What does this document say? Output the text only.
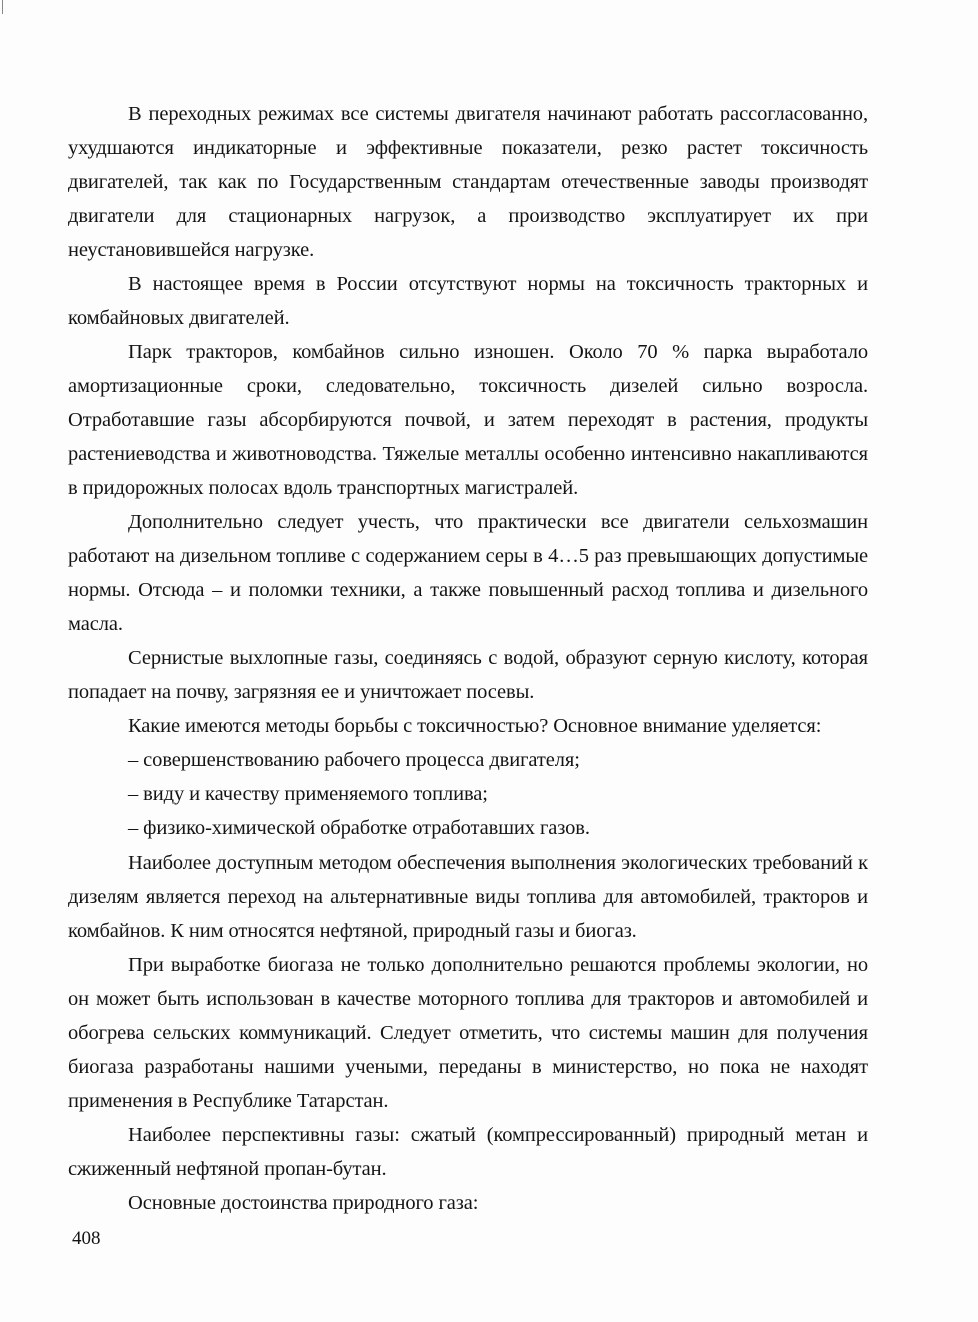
В переходных режимах все системы двигателя начинают работать рассогласованно, ухудшаются индикаторные и эффективные показатели, резко растет токсичность двигателей, так как по Государственным стандартам отечественные заводы производят двигатели для стационарных нагрузок, а производство эксплуатирует их при неустановившейся нагрузке.

В настоящее время в России отсутствуют нормы на токсичность тракторных и комбайновых двигателей.

Парк тракторов, комбайнов сильно изношен. Около 70 % парка выработало амортизационные сроки, следовательно, токсичность дизелей сильно возросла. Отработавшие газы абсорбируются почвой, и затем переходят в растения, продукты растениеводства и животноводства. Тяжелые металлы особенно интенсивно накапливаются в придорожных полосах вдоль транспортных магистралей.

Дополнительно следует учесть, что практически все двигатели сельхозмашин работают на дизельном топливе с содержанием серы в 4…5 раз превышающих допустимые нормы. Отсюда – и поломки техники, а также повышенный расход топлива и дизельного масла.

Сернистые выхлопные газы, соединяясь с водой, образуют серную кислоту, которая попадает на почву, загрязняя ее и уничтожает посевы.

Какие имеются методы борьбы с токсичностью? Основное внимание уделяется:

– совершенствованию рабочего процесса двигателя;

– виду и качеству применяемого топлива;

– физико-химической обработке отработавших газов.

Наиболее доступным методом обеспечения выполнения экологических требований к дизелям является переход на альтернативные виды топлива для автомобилей, тракторов и комбайнов. К ним относятся нефтяной, природный газы и биогаз.

При выработке биогаза не только дополнительно решаются проблемы экологии, но он может быть использован в качестве моторного топлива для тракторов и автомобилей и обогрева сельских коммуникаций. Следует отметить, что системы машин для получения биогаза разработаны нашими учеными, переданы в министерство, но пока не находят применения в Республике Татарстан.

Наиболее перспективны газы: сжатый (компрессированный) природный метан и сжиженный нефтяной пропан-бутан.

Основные достоинства природного газа:

408
